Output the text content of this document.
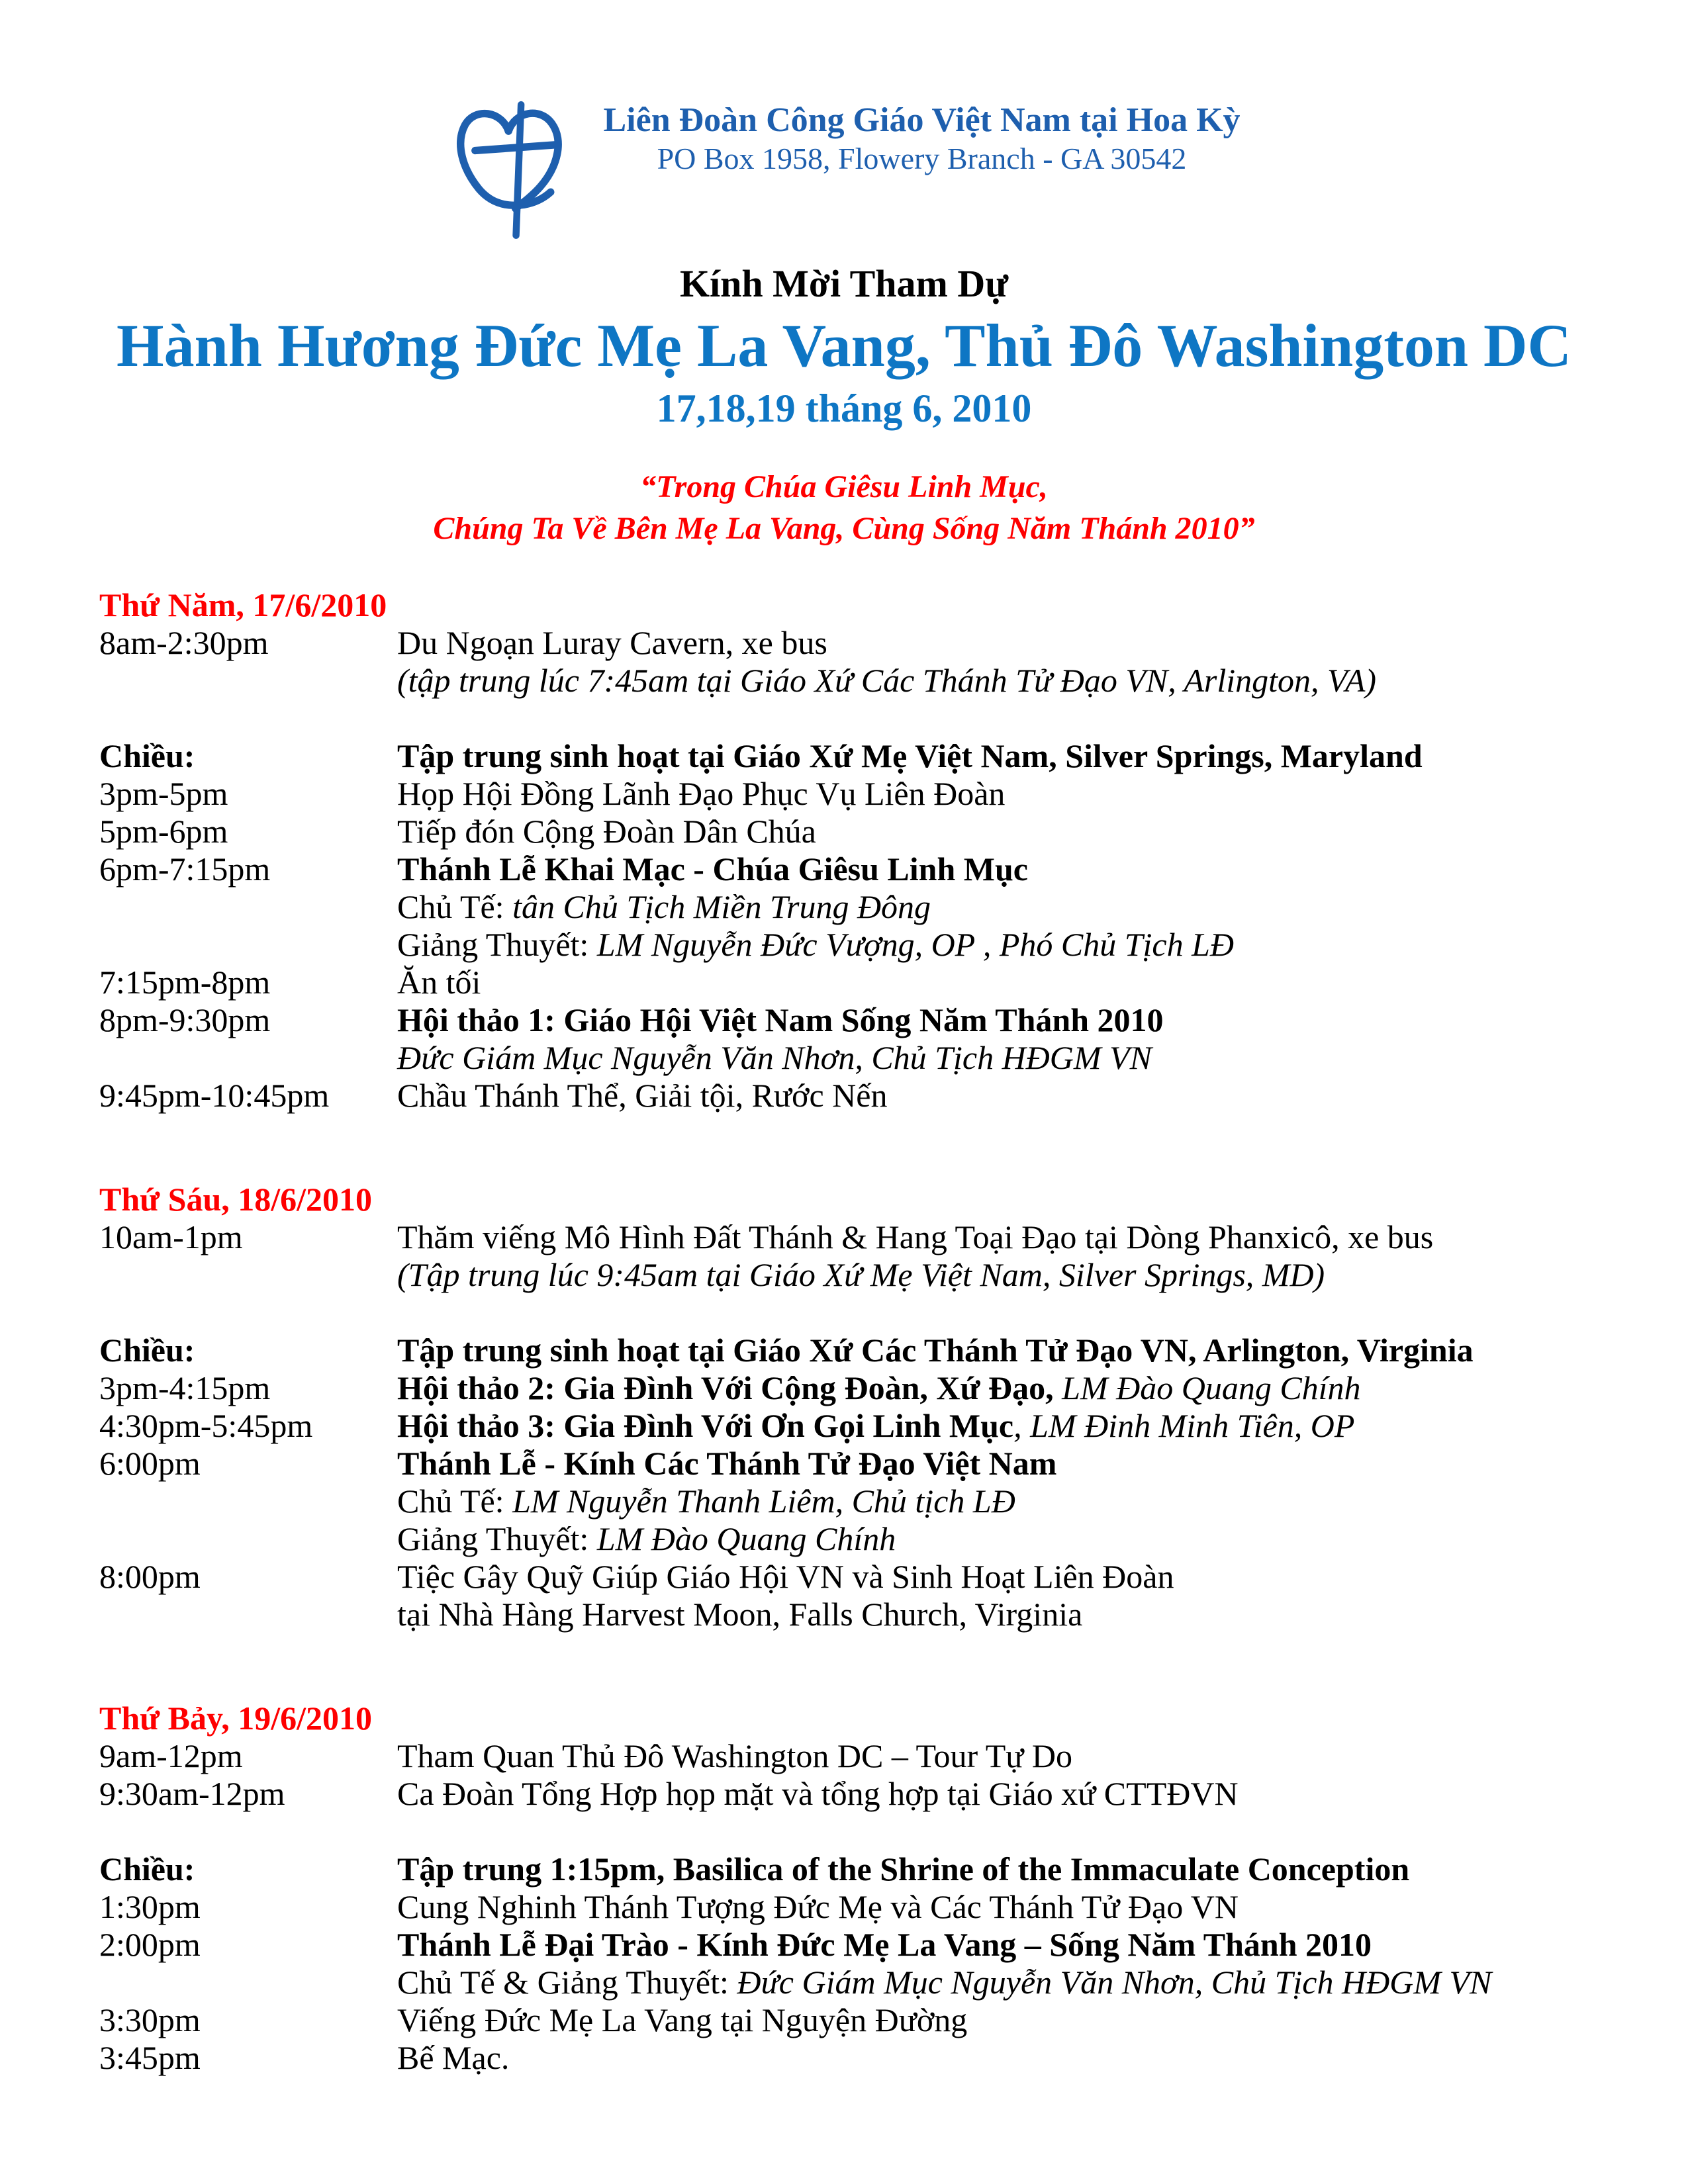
Liên Đoàn Công Giáo Việt Nam tại Hoa Kỳ
PO Box 1958, Flowery Branch - GA 30542
Kính Mời Tham Dự
Hành Hương Đức Mẹ La Vang, Thủ Đô Washington DC
17,18,19 tháng 6, 2010
“Trong Chúa Giêsu Linh Mục,
Chúng Ta Về Bên Mẹ La Vang, Cùng Sống Năm Thánh 2010”
Thứ Năm, 17/6/2010
8am-2:30pm	Du Ngoạn Luray Cavern, xe bus
(tập trung lúc 7:45am tại Giáo Xứ Các Thánh Tử Đạo VN, Arlington, VA)
Chiều:	Tập trung sinh hoạt tại Giáo Xứ Mẹ Việt Nam, Silver Springs, Maryland
3pm-5pm	Họp Hội Đồng Lãnh Đạo Phục Vụ Liên Đoàn
5pm-6pm	Tiếp đón Cộng Đoàn Dân Chúa
6pm-7:15pm	Thánh Lễ Khai Mạc - Chúa Giêsu Linh Mục
Chủ Tế: tân Chủ Tịch Miền Trung Đông
Giảng Thuyết: LM Nguyễn Đức Vượng, OP , Phó Chủ Tịch LĐ
7:15pm-8pm	Ăn tối
8pm-9:30pm	Hội thảo 1: Giáo Hội Việt Nam Sống Năm Thánh 2010
Đức Giám Mục Nguyễn Văn Nhơn, Chủ Tịch HĐGM VN
9:45pm-10:45pm	Chầu Thánh Thể, Giải tội, Rước Nến
Thứ Sáu, 18/6/2010
10am-1pm	Thăm viếng Mô Hình Đất Thánh & Hang Toại Đạo tại Dòng Phanxicô, xe bus
(Tập trung lúc 9:45am tại Giáo Xứ Mẹ Việt Nam, Silver Springs, MD)
Chiều:	Tập trung sinh hoạt tại Giáo Xứ Các Thánh Tử Đạo VN, Arlington, Virginia
3pm-4:15pm	Hội thảo 2: Gia Đình Với Cộng Đoàn, Xứ Đạo, LM Đào Quang Chính
4:30pm-5:45pm	Hội thảo 3: Gia Đình Với Ơn Gọi Linh Mục, LM Đinh Minh Tiên, OP
6:00pm	Thánh Lễ - Kính Các Thánh Tử Đạo Việt Nam
Chủ Tế: LM Nguyễn Thanh Liêm, Chủ tịch LĐ
Giảng Thuyết: LM Đào Quang Chính
8:00pm	Tiệc Gây Quỹ Giúp Giáo Hội VN và Sinh Hoạt Liên Đoàn
tại Nhà Hàng Harvest Moon, Falls Church, Virginia
Thứ Bảy, 19/6/2010
9am-12pm	Tham Quan Thủ Đô Washington DC – Tour Tự Do
9:30am-12pm	Ca Đoàn Tổng Hợp họp mặt và tổng hợp tại Giáo xứ CTTĐVN
Chiều:	Tập trung 1:15pm, Basilica of the Shrine of the Immaculate Conception
1:30pm	Cung Nghinh Thánh Tượng Đức Mẹ và Các Thánh Tử Đạo VN
2:00pm	Thánh Lễ Đại Trào - Kính Đức Mẹ La Vang – Sống Năm Thánh 2010
Chủ Tế & Giảng Thuyết: Đức Giám Mục Nguyễn Văn Nhơn, Chủ Tịch HĐGM VN
3:30pm	Viếng Đức Mẹ La Vang tại Nguyện Đường
3:45pm	Bế Mạc.
